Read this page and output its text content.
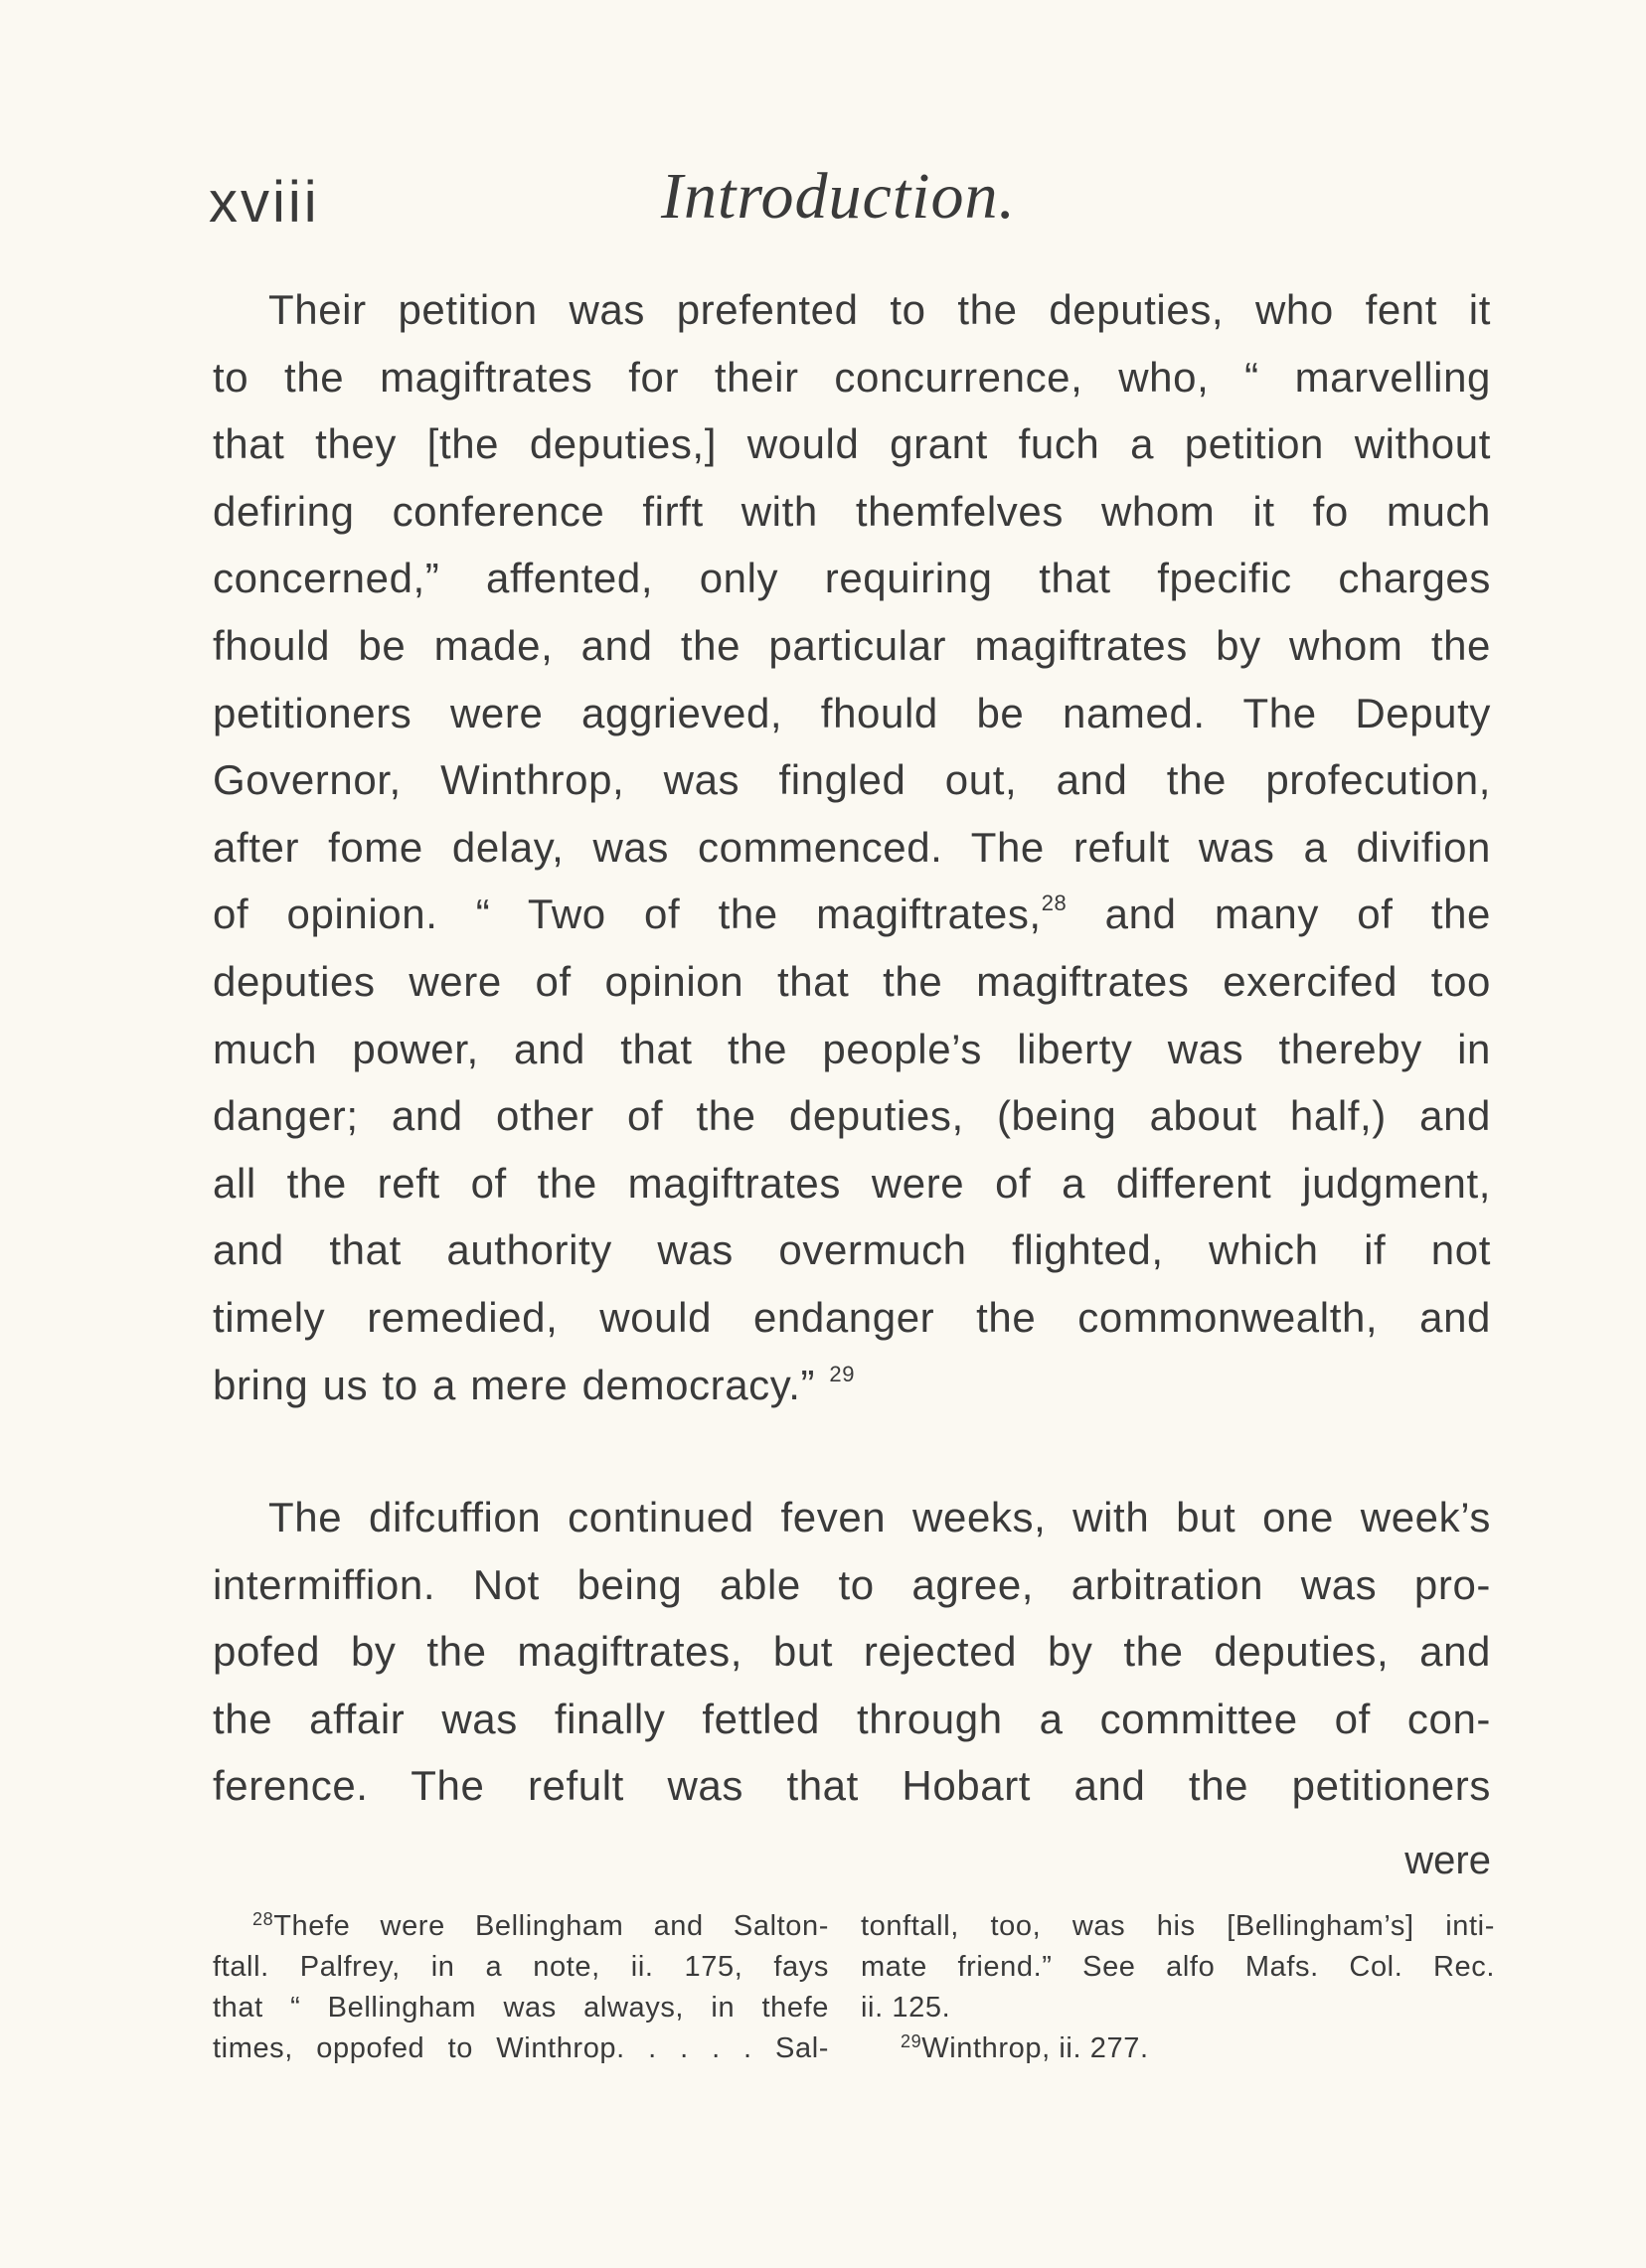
xviii	Introduction.
Their petition was prefented to the deputies, who fent it
to the magiftrates for their concurrence, who, “ marvelling
that they [the deputies,] would grant fuch a petition without
defiring conference firft with themfelves whom it fo much
concerned,” affented, only requiring that fpecific charges
fhould be made, and the particular magiftrates by whom the
petitioners were aggrieved, fhould be named. The Deputy
Governor, Winthrop, was fingled out, and the profecution,
after fome delay, was commenced. The refult was a divifion
of opinion. “ Two of the magiftrates,$^{28}$ and many of the
deputies were of opinion that the magiftrates exercifed too
much power, and that the people’s liberty was thereby in
danger; and other of the deputies, (being about half,) and
all the reft of the magiftrates were of a different judgment,
and that authority was overmuch flighted, which if not
timely remedied, would endanger the commonwealth, and
bring us to a mere democracy.” $^{29}$
The difcuffion continued feven weeks, with but one week’s
intermiffion. Not being able to agree, arbitration was pro-
pofed by the magiftrates, but rejected by the deputies, and
the affair was finally fettled through a committee of con-
ference. The refult was that Hobart and the petitioners
were
$^{28}$Thefe were Bellingham and Salton-
ftall. Palfrey, in a note, ii. 175, fays
that “ Bellingham was always, in thefe
times, oppofed to Winthrop. . . . . Sal-
tonftall, too, was his [Bellingham’s] inti-
mate friend.” See alfo Mafs. Col. Rec.
ii. 125.
$^{29}$Winthrop, ii. 277.
